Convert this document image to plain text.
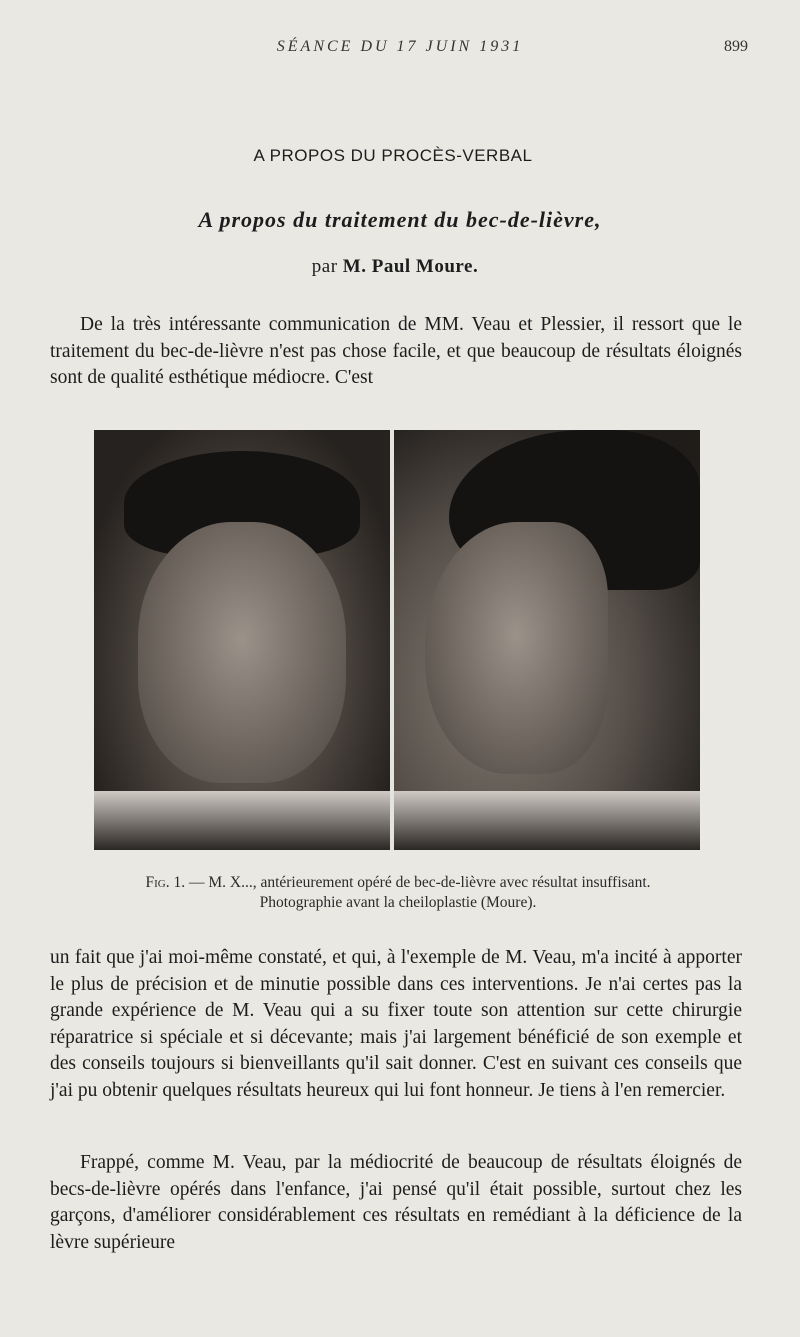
SÉANCE DU 17 JUIN 1931	899
A PROPOS DU PROCÈS-VERBAL
A propos du traitement du bec-de-lièvre,
par M. Paul Moure.

De la très intéressante communication de MM. Veau et Plessier, il ressort que le traitement du bec-de-lièvre n'est pas chose facile, et que beaucoup de résultats éloignés sont de qualité esthétique médiocre. C'est

Fig. 1. — M. X..., antérieurement opéré de bec-de-lièvre avec résultat insuffisant.
Photographie avant la cheiloplastie (Moure).

un fait que j'ai moi-même constaté, et qui, à l'exemple de M. Veau, m'a incité à apporter le plus de précision et de minutie possible dans ces interventions. Je n'ai certes pas la grande expérience de M. Veau qui a su fixer toute son attention sur cette chirurgie réparatrice si spéciale et si décevante; mais j'ai largement bénéficié de son exemple et des conseils toujours si bienveillants qu'il sait donner. C'est en suivant ces conseils que j'ai pu obtenir quelques résultats heureux qui lui font honneur. Je tiens à l'en remercier.

Frappé, comme M. Veau, par la médiocrité de beaucoup de résultats éloignés de becs-de-lièvre opérés dans l'enfance, j'ai pensé qu'il était possible, surtout chez les garçons, d'améliorer considérablement ces résultats en remédiant à la déficience de la lèvre supérieure
